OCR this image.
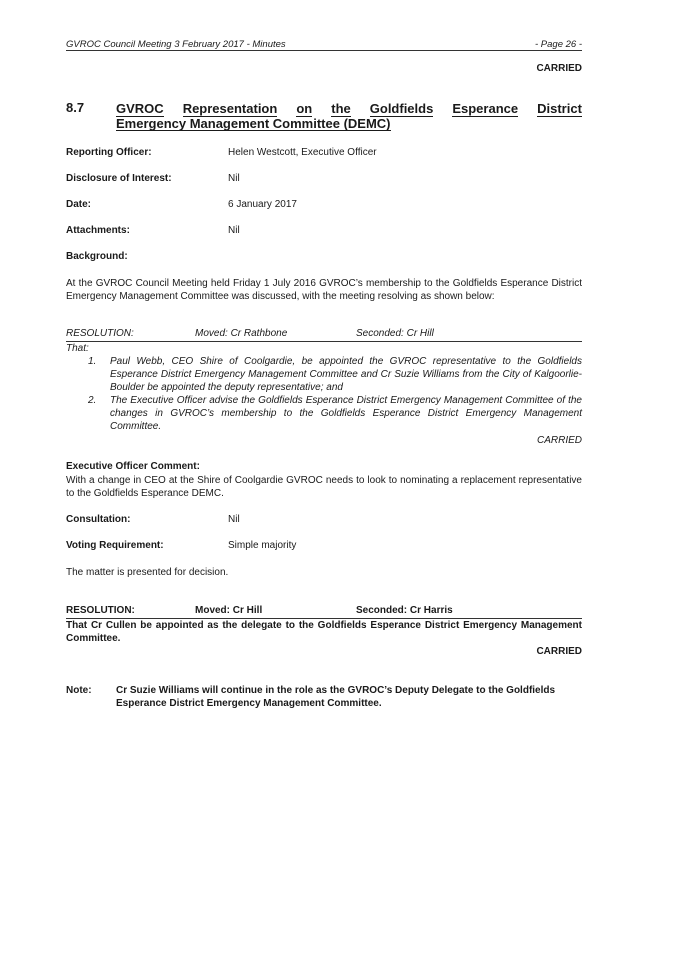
GVROC Council Meeting 3 February 2017 - Minutes	- Page 26 -
CARRIED
8.7 GVROC Representation on the Goldfields Esperance District
Emergency Management Committee (DEMC)
Reporting Officer:	Helen Westcott, Executive Officer
Disclosure of Interest:	Nil
Date:	6 January 2017
Attachments:	Nil
Background:
At the GVROC Council Meeting held Friday 1 July 2016 GVROC’s membership to the Goldfields Esperance District Emergency Management Committee was discussed, with the meeting resolving as shown below:
RESOLUTION:	Moved: Cr Rathbone	Seconded: Cr Hill
That:
1. Paul Webb, CEO Shire of Coolgardie, be appointed the GVROC representative to the Goldfields Esperance District Emergency Management Committee and Cr Suzie Williams from the City of Kalgoorlie-Boulder be appointed the deputy representative; and
2. The Executive Officer advise the Goldfields Esperance District Emergency Management Committee of the changes in GVROC’s membership to the Goldfields Esperance District Emergency Management Committee.
CARRIED
Executive Officer Comment:
With a change in CEO at the Shire of Coolgardie GVROC needs to look to nominating a replacement representative to the Goldfields Esperance DEMC.
Consultation:	Nil
Voting Requirement:	Simple majority
The matter is presented for decision.
RESOLUTION:	Moved: Cr Hill	Seconded: Cr Harris
That Cr Cullen be appointed as the delegate to the Goldfields Esperance District Emergency Management Committee.
CARRIED
Note: Cr Suzie Williams will continue in the role as the GVROC’s Deputy Delegate to the Goldfields Esperance District Emergency Management Committee.
